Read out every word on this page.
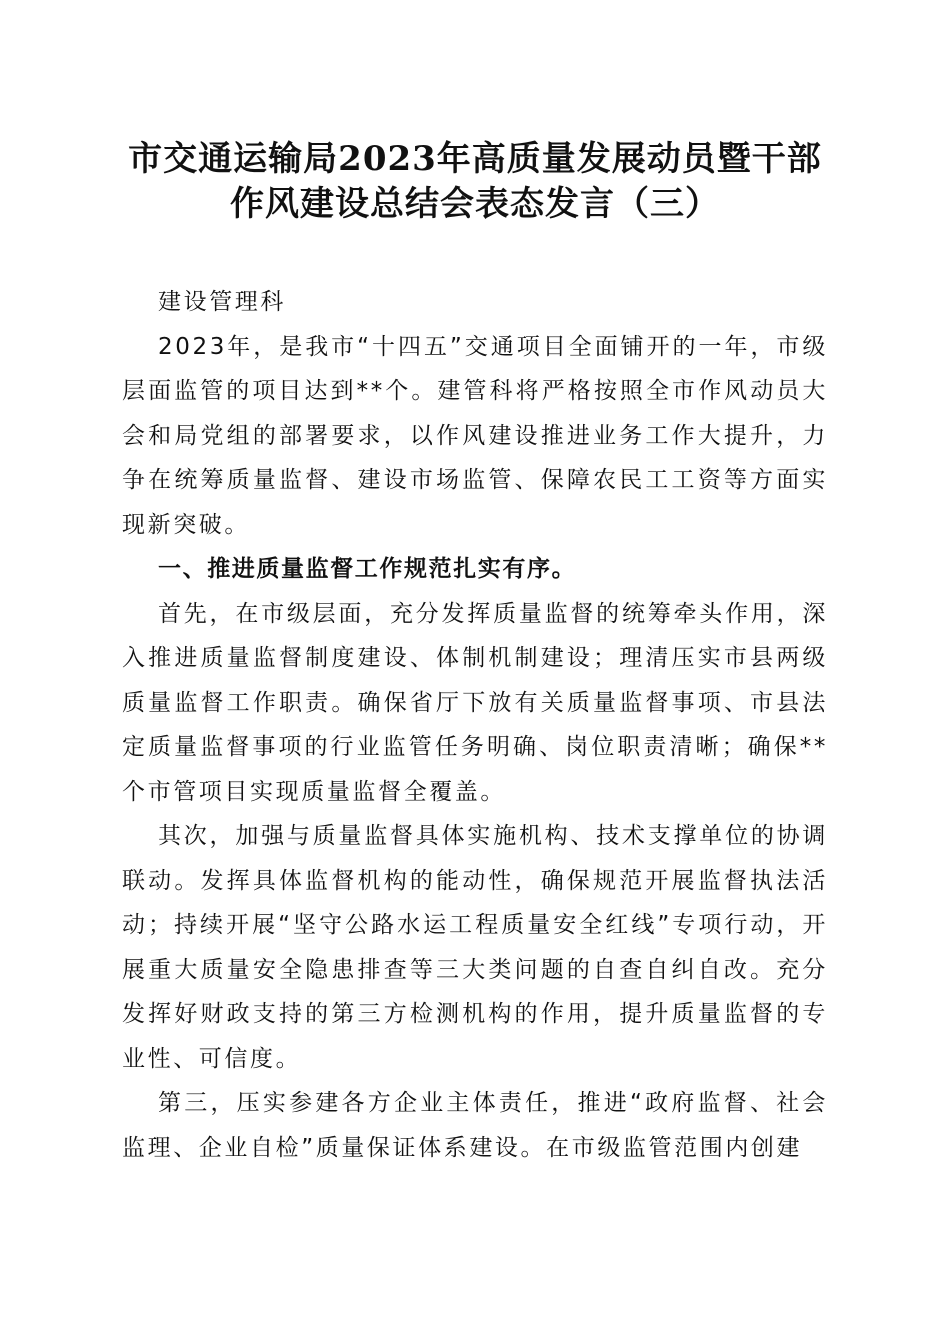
市交通运输局2023年高质量发展动员暨干部
作风建设总结会表态发言（三）

建设管理科

2023年，是我市“十四五”交通项目全面铺开的一年，市级层面监管的项目达到**个。建管科将严格按照全市作风动员大会和局党组的部署要求，以作风建设推进业务工作大提升，力争在统筹质量监督、建设市场监管、保障农民工工资等方面实现新突破。

一、推进质量监督工作规范扎实有序。

首先，在市级层面，充分发挥质量监督的统筹牵头作用，深入推进质量监督制度建设、体制机制建设；理清压实市县两级质量监督工作职责。确保省厅下放有关质量监督事项、市县法定质量监督事项的行业监管任务明确、岗位职责清晰；确保**个市管项目实现质量监督全覆盖。

其次，加强与质量监督具体实施机构、技术支撑单位的协调联动。发挥具体监督机构的能动性，确保规范开展监督执法活动；持续开展“坚守公路水运工程质量安全红线”专项行动，开展重大质量安全隐患排查等三大类问题的自查自纠自改。充分发挥好财政支持的第三方检测机构的作用，提升质量监督的专业性、可信度。

第三，压实参建各方企业主体责任，推进“政府监督、社会监理、企业自检”质量保证体系建设。在市级监管范围内创建
